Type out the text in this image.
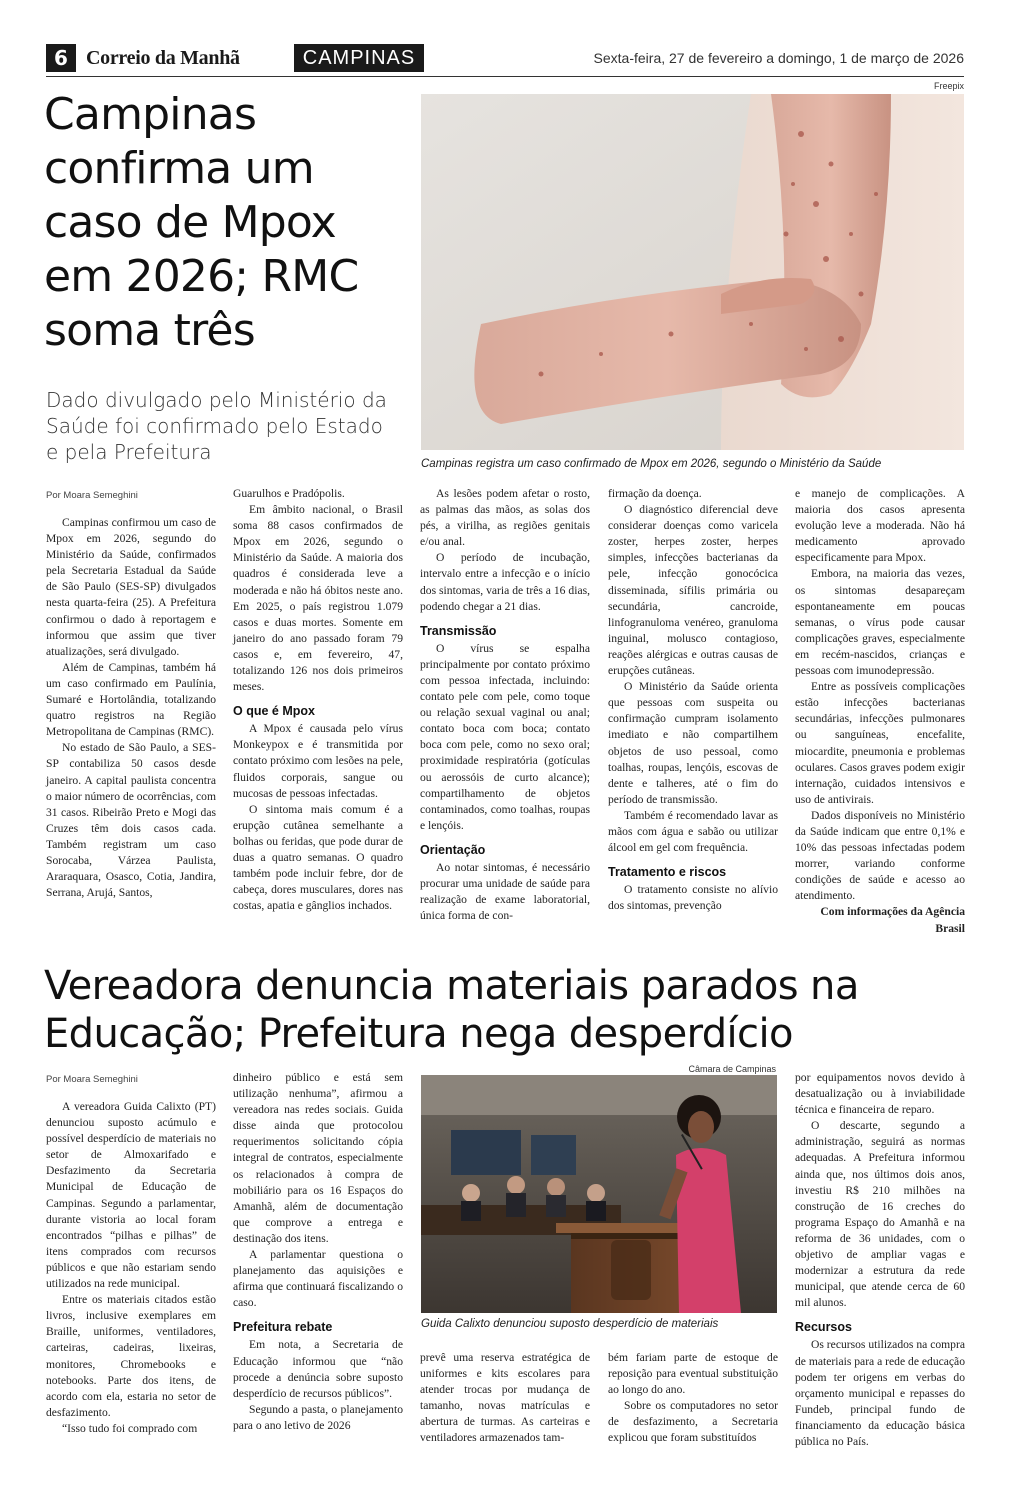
6 Correio da Manhã	CAMPINAS	Sexta-feira, 27 de fevereiro a domingo, 1 de março de 2026
Campinas confirma um caso de Mpox em 2026; RMC soma três
Dado divulgado pelo Ministério da Saúde foi confirmado pelo Estado e pela Prefeitura
Freepix
Campinas registra um caso confirmado de Mpox em 2026, segundo o Ministério da Saúde
Por Moara Semeghini

Campinas confirmou um caso de Mpox em 2026, segundo do Ministério da Saúde, confirmados pela Secretaria Estadual da Saúde de São Paulo (SES-SP) divulgados nesta quarta-feira (25). A Prefeitura confirmou o dado à reportagem e informou que assim que tiver atualizações, será divulgado.

Além de Campinas, também há um caso confirmado em Paulínia, Sumaré e Hortolândia, totalizando quatro registros na Região Metropolitana de Campinas (RMC).

No estado de São Paulo, a SES-SP contabiliza 50 casos desde janeiro. A capital paulista concentra o maior número de ocorrências, com 31 casos. Ribeirão Preto e Mogi das Cruzes têm dois casos cada. Também registram um caso Sorocaba, Várzea Paulista, Araraquara, Osasco, Cotia, Jandira, Serrana, Arujá, Santos,

Guarulhos e Pradópolis.

Em âmbito nacional, o Brasil soma 88 casos confirmados de Mpox em 2026, segundo o Ministério da Saúde. A maioria dos quadros é considerada leve a moderada e não há óbitos neste ano. Em 2025, o país registrou 1.079 casos e duas mortes. Somente em janeiro do ano passado foram 79 casos e, em fevereiro, 47, totalizando 126 nos dois primeiros meses.

O que é Mpox

A Mpox é causada pelo vírus Monkeypox e é transmitida por contato próximo com lesões na pele, fluidos corporais, sangue ou mucosas de pessoas infectadas.

O sintoma mais comum é a erupção cutânea semelhante a bolhas ou feridas, que pode durar de duas a quatro semanas. O quadro também pode incluir febre, dor de cabeça, dores musculares, dores nas costas, apatia e gânglios inchados.

As lesões podem afetar o rosto, as palmas das mãos, as solas dos pés, a virilha, as regiões genitais e/ou anal.

O período de incubação, intervalo entre a infecção e o início dos sintomas, varia de três a 16 dias, podendo chegar a 21 dias.

Transmissão

O vírus se espalha principalmente por contato próximo com pessoa infectada, incluindo: contato pele com pele, como toque ou relação sexual vaginal ou anal; contato boca com boca; contato boca com pele, como no sexo oral; proximidade respiratória (gotículas ou aerossóis de curto alcance); compartilhamento de objetos contaminados, como toalhas, roupas e lençóis.

Orientação

Ao notar sintomas, é necessário procurar uma unidade de saúde para realização de exame laboratorial, única forma de con-

firmação da doença.

O diagnóstico diferencial deve considerar doenças como varicela zoster, herpes zoster, herpes simples, infecções bacterianas da pele, infecção gonocócica disseminada, sífilis primária ou secundária, cancroide, linfogranuloma venéreo, granuloma inguinal, molusco contagioso, reações alérgicas e outras causas de erupções cutâneas.

O Ministério da Saúde orienta que pessoas com suspeita ou confirmação cumpram isolamento imediato e não compartilhem objetos de uso pessoal, como toalhas, roupas, lençóis, escovas de dente e talheres, até o fim do período de transmissão.

Também é recomendado lavar as mãos com água e sabão ou utilizar álcool em gel com frequência.

Tratamento e riscos

O tratamento consiste no alívio dos sintomas, prevenção

e manejo de complicações. A maioria dos casos apresenta evolução leve a moderada. Não há medicamento aprovado especificamente para Mpox.

Embora, na maioria das vezes, os sintomas desapareçam espontaneamente em poucas semanas, o vírus pode causar complicações graves, especialmente em recém-nascidos, crianças e pessoas com imunodepressão.

Entre as possíveis complicações estão infecções bacterianas secundárias, infecções pulmonares ou sanguíneas, encefalite, miocardite, pneumonia e problemas oculares. Casos graves podem exigir internação, cuidados intensivos e uso de antivirais.

Dados disponíveis no Ministério da Saúde indicam que entre 0,1% e 10% das pessoas infectadas podem morrer, variando conforme condições de saúde e acesso ao atendimento.

Com informações da Agência Brasil

Vereadora denuncia materiais parados na Educação; Prefeitura nega desperdício
Câmara de Campinas
Guida Calixto denunciou suposto desperdício de materiais
Por Moara Semeghini

A vereadora Guida Calixto (PT) denunciou suposto acúmulo e possível desperdício de materiais no setor de Almoxarifado e Desfazimento da Secretaria Municipal de Educação de Campinas. Segundo a parlamentar, durante vistoria ao local foram encontrados “pilhas e pilhas” de itens comprados com recursos públicos e que não estariam sendo utilizados na rede municipal.

Entre os materiais citados estão livros, inclusive exemplares em Braille, uniformes, ventiladores, carteiras, cadeiras, lixeiras, monitores, Chromebooks e notebooks. Parte dos itens, de acordo com ela, estaria no setor de desfazimento.

“Isso tudo foi comprado com

dinheiro público e está sem utilização nenhuma”, afirmou a vereadora nas redes sociais. Guida disse ainda que protocolou requerimentos solicitando cópia integral de contratos, especialmente os relacionados à compra de mobiliário para os 16 Espaços do Amanhã, além de documentação que comprove a entrega e destinação dos itens.

A parlamentar questiona o planejamento das aquisições e afirma que continuará fiscalizando o caso.

Prefeitura rebate

Em nota, a Secretaria de Educação informou que “não procede a denúncia sobre suposto desperdício de recursos públicos”.

Segundo a pasta, o planejamento para o ano letivo de 2026

prevê uma reserva estratégica de uniformes e kits escolares para atender trocas por mudança de tamanho, novas matrículas e abertura de turmas. As carteiras e ventiladores armazenados tam-

bém fariam parte de estoque de reposição para eventual substituição ao longo do ano.

Sobre os computadores no setor de desfazimento, a Secretaria explicou que foram substituídos

por equipamentos novos devido à desatualização ou à inviabilidade técnica e financeira de reparo.

O descarte, segundo a administração, seguirá as normas adequadas. A Prefeitura informou ainda que, nos últimos dois anos, investiu R$ 210 milhões na construção de 16 creches do programa Espaço do Amanhã e na reforma de 36 unidades, com o objetivo de ampliar vagas e modernizar a estrutura da rede municipal, que atende cerca de 60 mil alunos.

Recursos

Os recursos utilizados na compra de materiais para a rede de educação podem ter origens em verbas do orçamento municipal e repasses do Fundeb, principal fundo de financiamento da educação básica pública no País.
